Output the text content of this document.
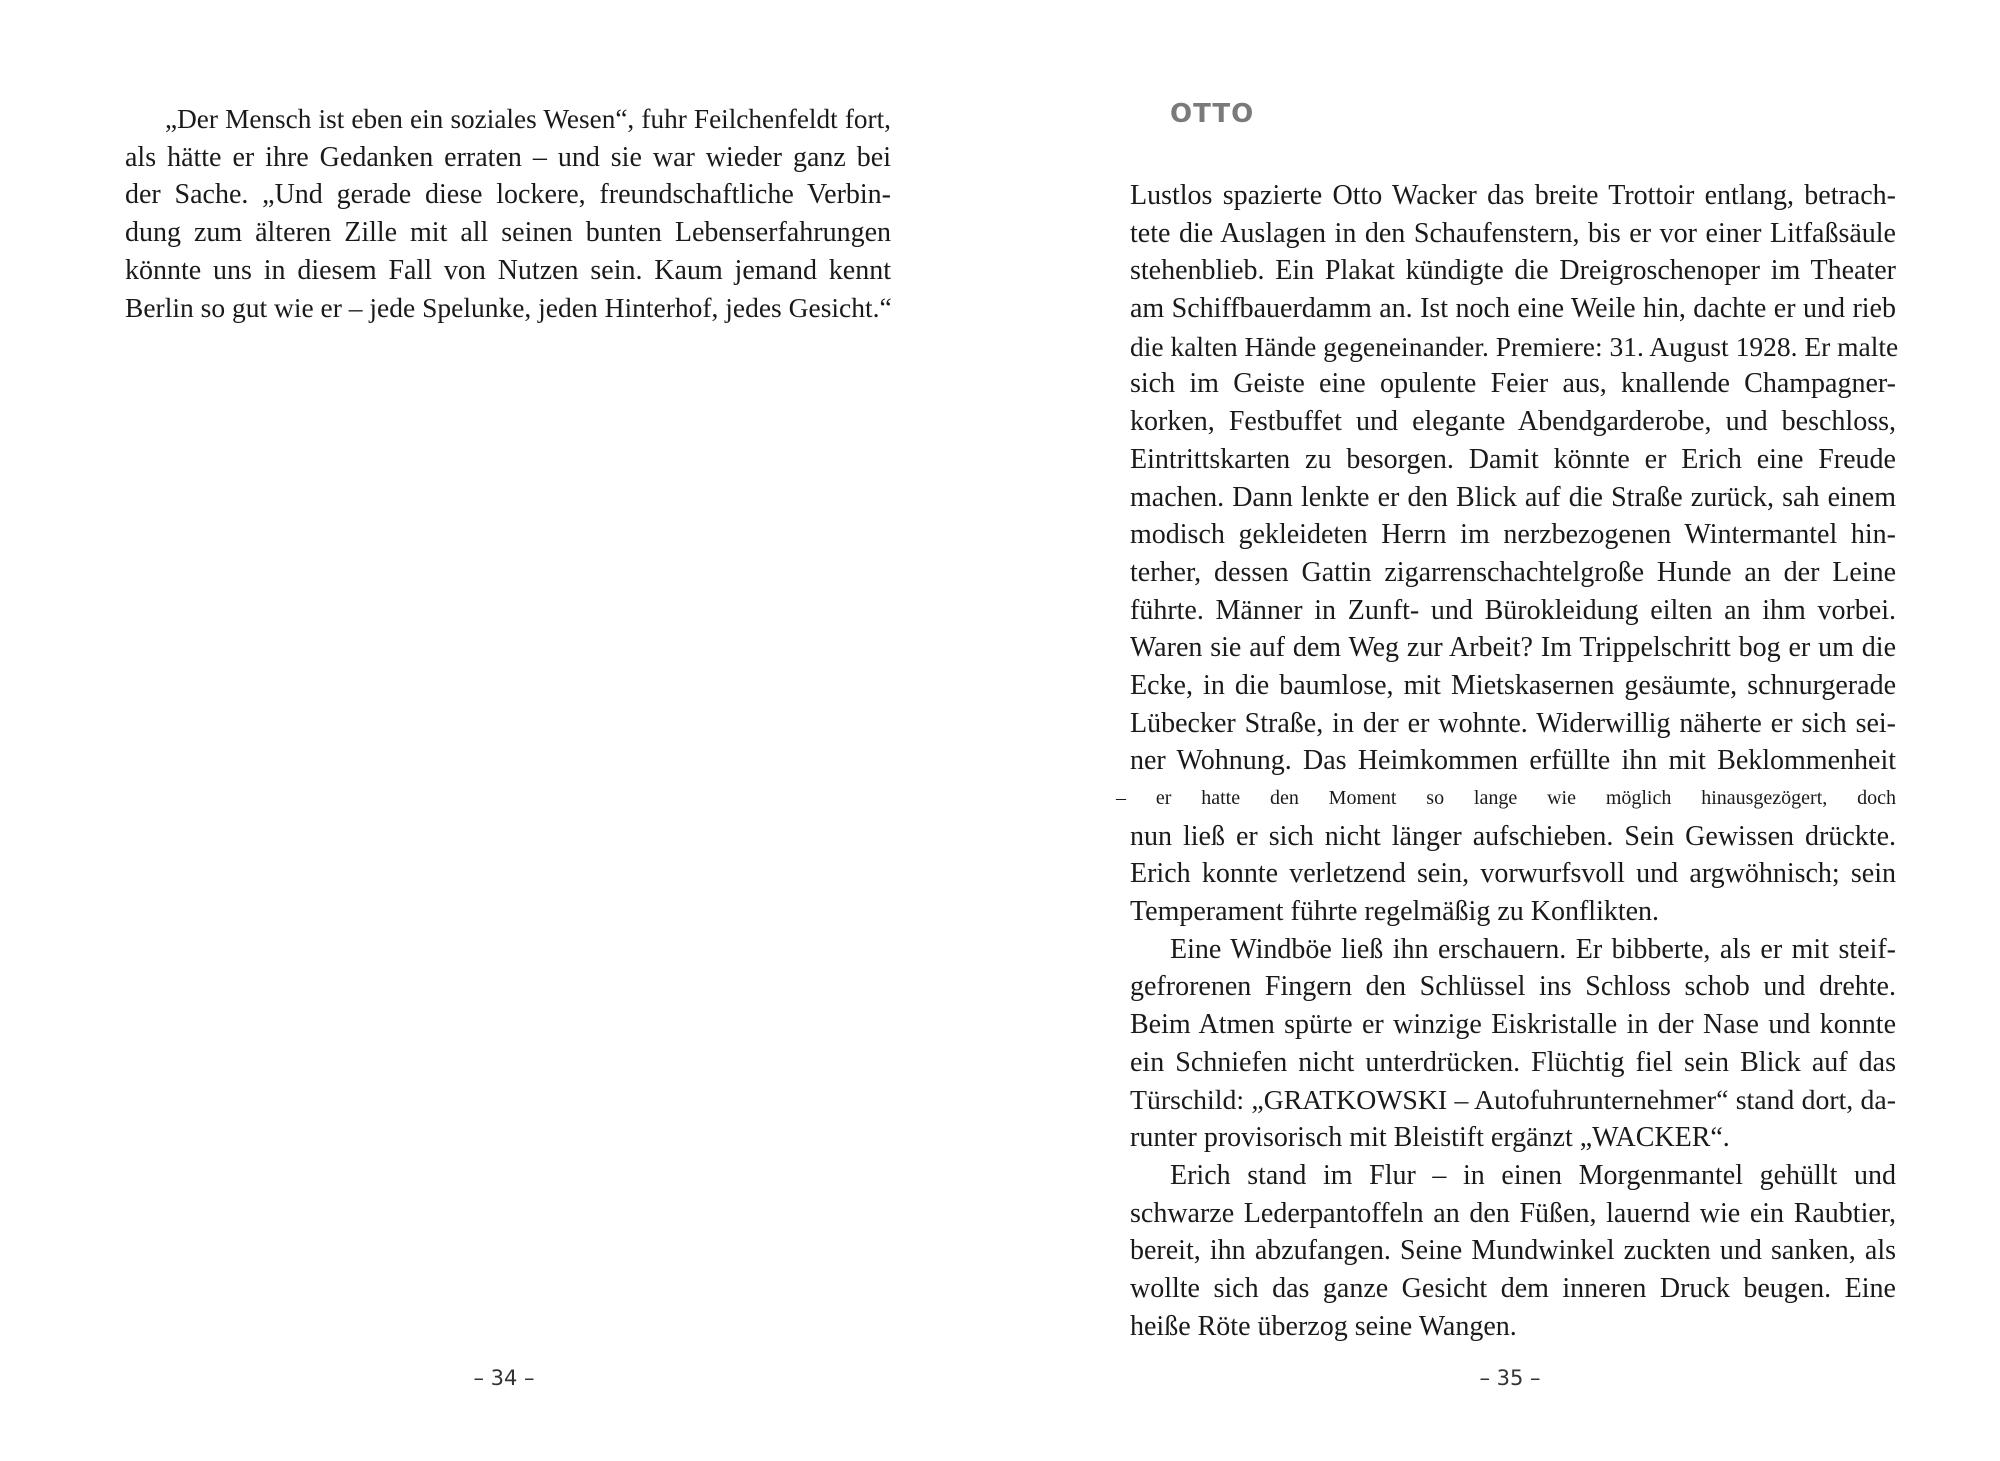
„Der Mensch ist eben ein soziales Wesen“, fuhr Feilchenfeldt fort,
als hätte er ihre Gedanken erraten – und sie war wieder ganz bei
der Sache. „Und gerade diese lockere, freundschaftliche Verbin-
dung zum älteren Zille mit all seinen bunten Lebenserfahrungen
könnte uns in diesem Fall von Nutzen sein. Kaum jemand kennt
Berlin so gut wie er – jede Spelunke, jeden Hinterhof, jedes Gesicht.“
– 34 –
OTTO
Lustlos spazierte Otto Wacker das breite Trottoir entlang, betrach-
tete die Auslagen in den Schaufenstern, bis er vor einer Litfaßsäule
stehenblieb. Ein Plakat kündigte die Dreigroschenoper im Theater
am Schiffbauerdamm an. Ist noch eine Weile hin, dachte er und rieb
die kalten Hände gegeneinander. Premiere: 31. August 1928. Er malte
sich im Geiste eine opulente Feier aus, knallende Champagner-
korken, Festbuffet und elegante Abendgarderobe, und beschloss,
Eintrittskarten zu besorgen. Damit könnte er Erich eine Freude
machen. Dann lenkte er den Blick auf die Straße zurück, sah einem
modisch gekleideten Herrn im nerzbezogenen Wintermantel hin-
terher, dessen Gattin zigarrenschachtelgroße Hunde an der Leine
führte. Männer in Zunft- und Bürokleidung eilten an ihm vorbei.
Waren sie auf dem Weg zur Arbeit? Im Trippelschritt bog er um die
Ecke, in die baumlose, mit Mietskasernen gesäumte, schnurgerade
Lübecker Straße, in der er wohnte. Widerwillig näherte er sich sei-
ner Wohnung. Das Heimkommen erfüllte ihn mit Beklommenheit
– er hatte den Moment so lange wie möglich hinausgezögert, doch
nun ließ er sich nicht länger aufschieben. Sein Gewissen drückte.
Erich konnte verletzend sein, vorwurfsvoll und argwöhnisch; sein
Temperament führte regelmäßig zu Konflikten.
Eine Windböe ließ ihn erschauern. Er bibberte, als er mit steif-
gefrorenen Fingern den Schlüssel ins Schloss schob und drehte.
Beim Atmen spürte er winzige Eiskristalle in der Nase und konnte
ein Schniefen nicht unterdrücken. Flüchtig fiel sein Blick auf das
Türschild: „GRATKOWSKI – Autofuhrunternehmer“ stand dort, da-
runter provisorisch mit Bleistift ergänzt „WACKER“.
Erich stand im Flur – in einen Morgenmantel gehüllt und
schwarze Lederpantoffeln an den Füßen, lauernd wie ein Raubtier,
bereit, ihn abzufangen. Seine Mundwinkel zuckten und sanken, als
wollte sich das ganze Gesicht dem inneren Druck beugen. Eine
heiße Röte überzog seine Wangen.
– 35 –
